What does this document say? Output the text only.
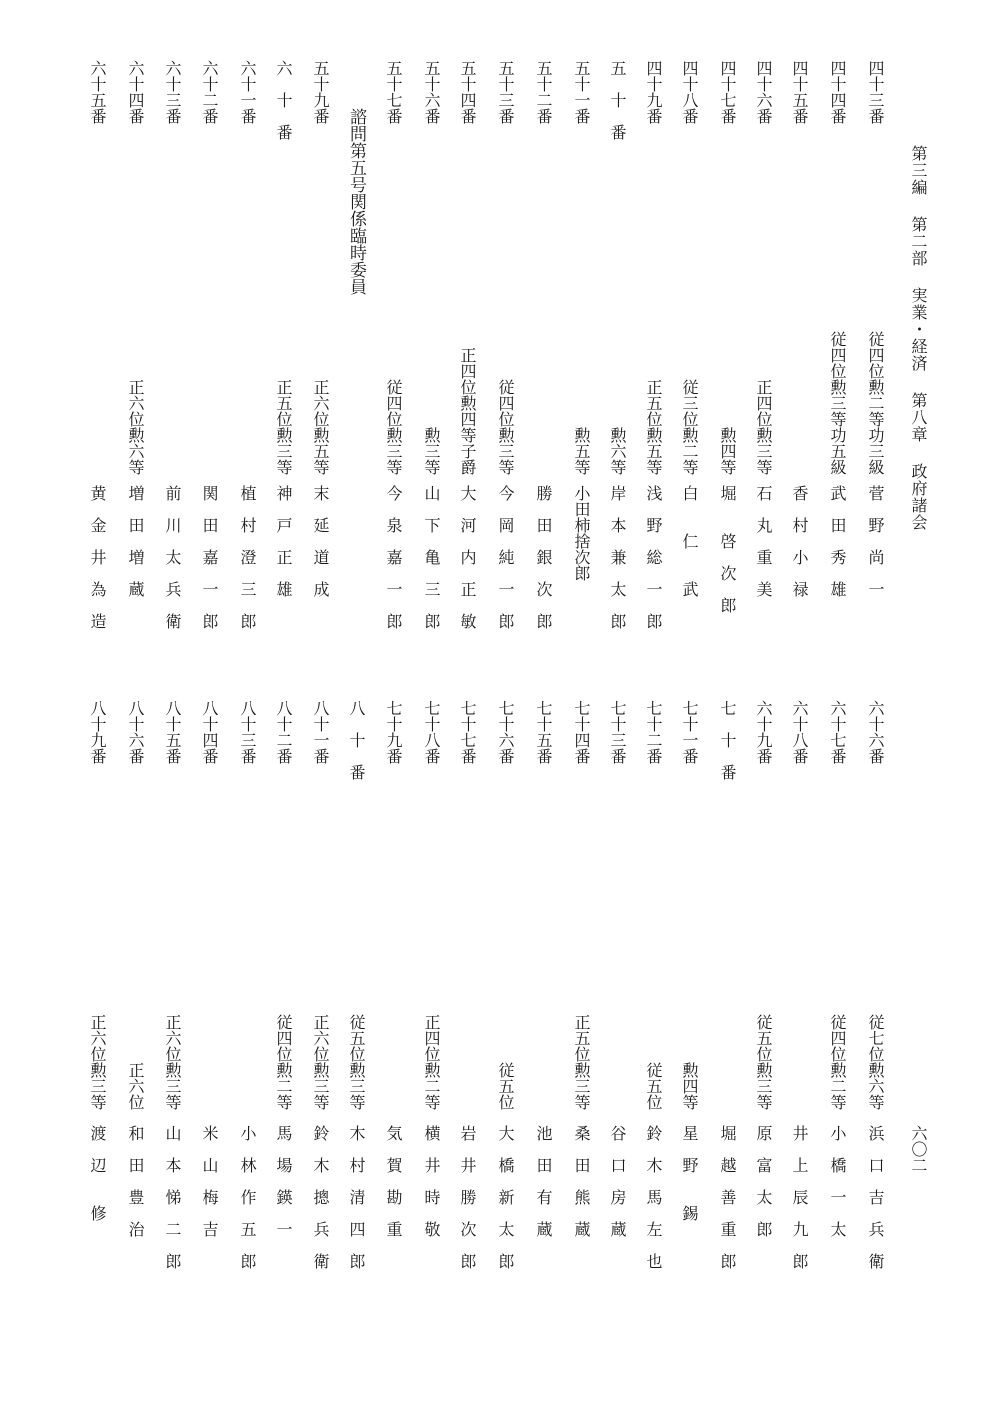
第三編 第二部 実業・経済 第八章 政府諸会
六〇二
四十三番
従四位勲二等功三級
菅　野　尚　一
四十四番
従四位勲三等功五級
武　田　秀　雄
四十五番
香　村　小　禄
四十六番
正四位勲三等
石　丸　重　美
四十七番
勲四等
堀　　啓　次　郎
四十八番
従三位勲二等
白　　仁　　武
四十九番
正五位勲五等
浅　野　総　一　郎
五　十　番
勲六等
岸　本　兼　太　郎
五十一番
勲五等
小田柿捨次郎
五十二番
勝　田　銀　次　郎
五十三番
従四位勲三等
今　岡　純　一　郎
五十四番
正四位勲四等子爵
大　河　内　正　敏
五十六番
勲三等
山　下　亀　三　郎
五十七番
従四位勲三等
今　泉　嘉　一　郎
五十九番
正六位勲五等
末　延　道　成
六　十　番
正五位勲三等
神　戸　正　雄
六十一番
植　村　澄　三　郎
六十二番
関　田　嘉　一　郎
六十三番
前　川　太　兵　衛
六十四番
正六位勲六等
増　田　増　蔵
六十五番
黄　金　井　為　造
諮問第五号関係臨時委員
六十六番
従七位勲六等
浜　口　吉　兵　衛
六十七番
従四位勲二等
小　橋　一　太
六十八番
井　上　辰　九　郎
六十九番
従五位勲三等
原　富　太　郎
七　十　番
堀　越　善　重　郎
七十一番
勲四等
星　野　　錫
七十二番
従五位
鈴　木　馬　左　也
七十三番
谷　口　房　蔵
七十四番
正五位勲三等
桑　田　熊　蔵
七十五番
池　田　有　蔵
七十六番
従五位
大　橋　新　太　郎
七十七番
岩　井　勝　次　郎
七十八番
正四位勲二等
横　井　時　敬
七十九番
気　賀　勘　重
八　十　番
従五位勲三等
木　村　清　四　郎
八十一番
正六位勲三等
鈴　木　摠　兵　衛
八十二番
従四位勲二等
馬　場　鍈　一
八十三番
小　林　作　五　郎
八十四番
米　山　梅　吉
八十五番
正六位勲三等
山　本　悌　二　郎
八十六番
正六位
和　田　豊　治
八十九番
正六位勲三等
渡　辺　　修
